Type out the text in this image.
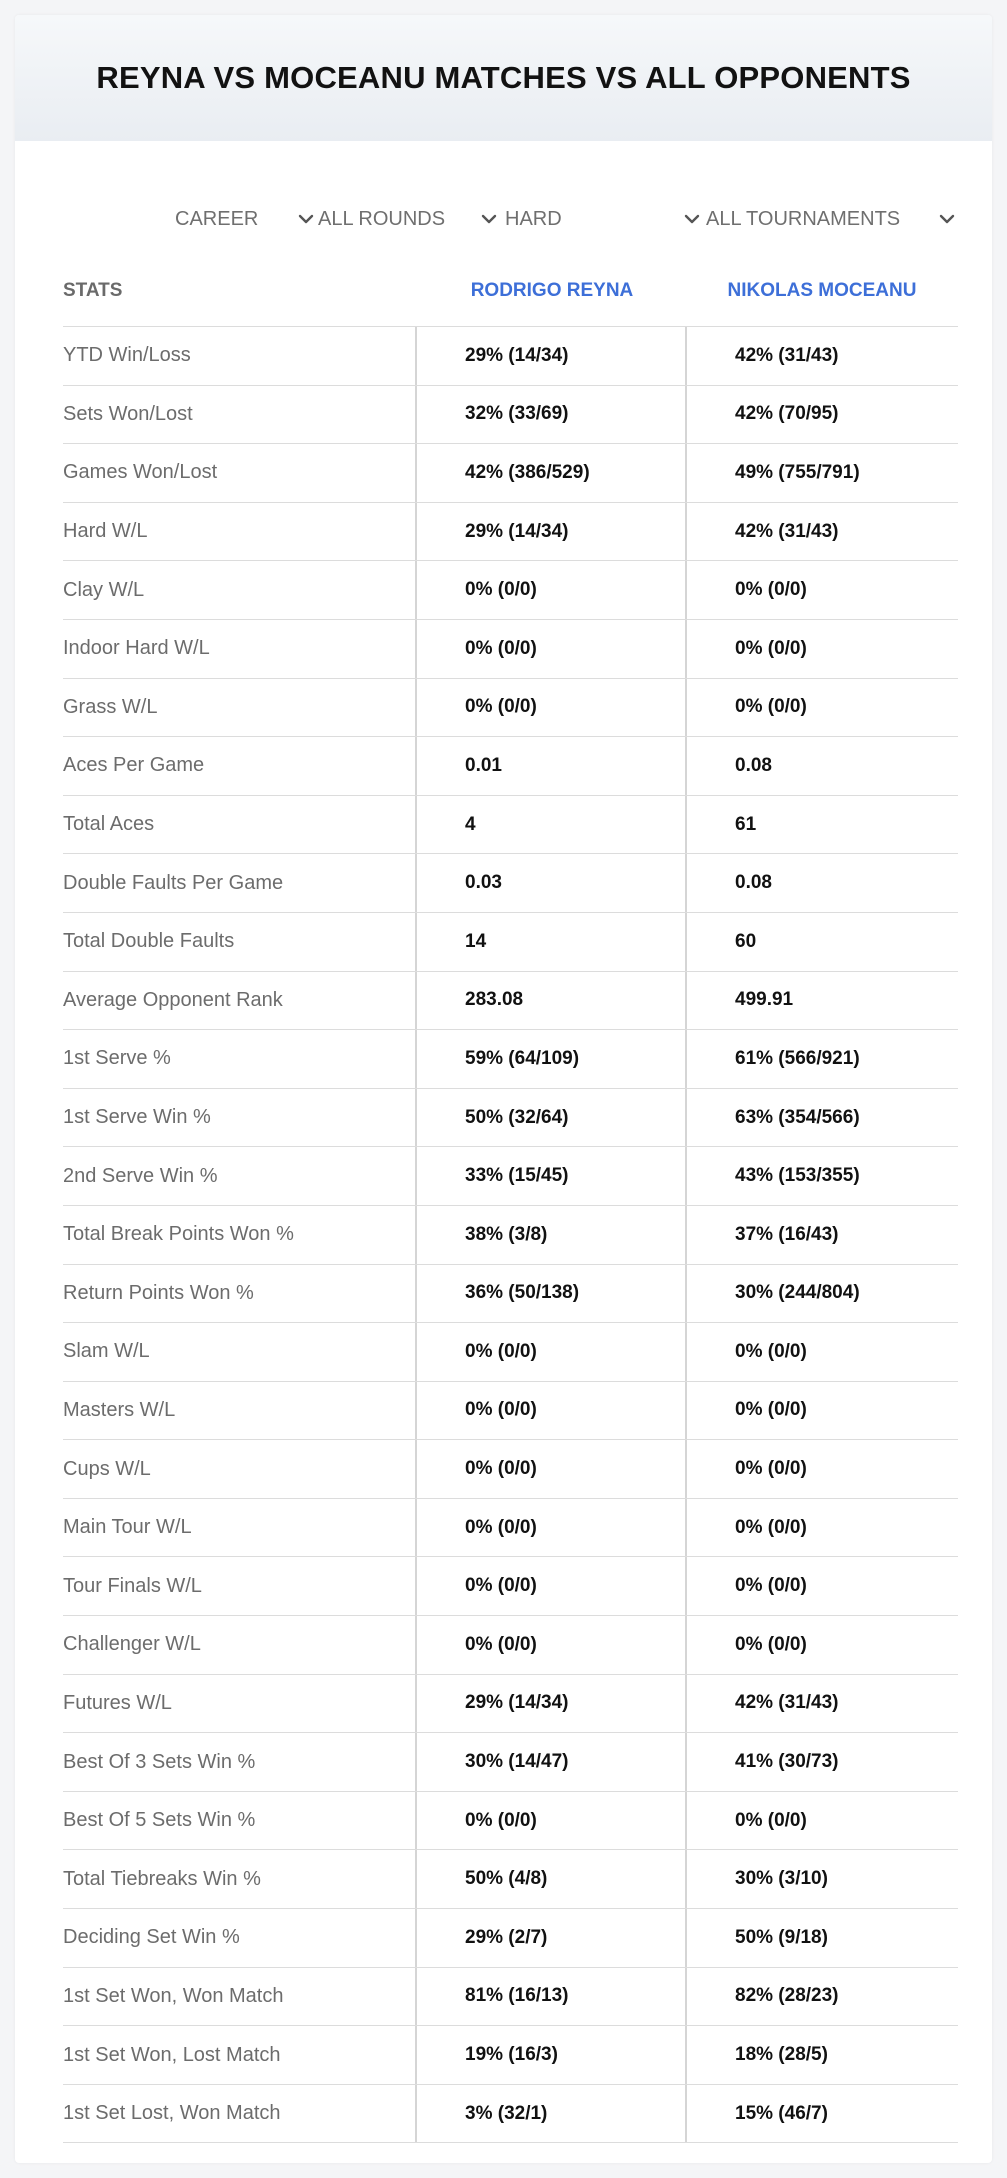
REYNA VS MOCEANU MATCHES VS ALL OPPONENTS
CAREER	ALL ROUNDS	HARD	ALL TOURNAMENTS
STATS	RODRIGO REYNA	NIKOLAS MOCEANU
YTD Win/Loss	29% (14/34)	42% (31/43)
Sets Won/Lost	32% (33/69)	42% (70/95)
Games Won/Lost	42% (386/529)	49% (755/791)
Hard W/L	29% (14/34)	42% (31/43)
Clay W/L	0% (0/0)	0% (0/0)
Indoor Hard W/L	0% (0/0)	0% (0/0)
Grass W/L	0% (0/0)	0% (0/0)
Aces Per Game	0.01	0.08
Total Aces	4	61
Double Faults Per Game	0.03	0.08
Total Double Faults	14	60
Average Opponent Rank	283.08	499.91
1st Serve %	59% (64/109)	61% (566/921)
1st Serve Win %	50% (32/64)	63% (354/566)
2nd Serve Win %	33% (15/45)	43% (153/355)
Total Break Points Won %	38% (3/8)	37% (16/43)
Return Points Won %	36% (50/138)	30% (244/804)
Slam W/L	0% (0/0)	0% (0/0)
Masters W/L	0% (0/0)	0% (0/0)
Cups W/L	0% (0/0)	0% (0/0)
Main Tour W/L	0% (0/0)	0% (0/0)
Tour Finals W/L	0% (0/0)	0% (0/0)
Challenger W/L	0% (0/0)	0% (0/0)
Futures W/L	29% (14/34)	42% (31/43)
Best Of 3 Sets Win %	30% (14/47)	41% (30/73)
Best Of 5 Sets Win %	0% (0/0)	0% (0/0)
Total Tiebreaks Win %	50% (4/8)	30% (3/10)
Deciding Set Win %	29% (2/7)	50% (9/18)
1st Set Won, Won Match	81% (16/13)	82% (28/23)
1st Set Won, Lost Match	19% (16/3)	18% (28/5)
1st Set Lost, Won Match	3% (32/1)	15% (46/7)
